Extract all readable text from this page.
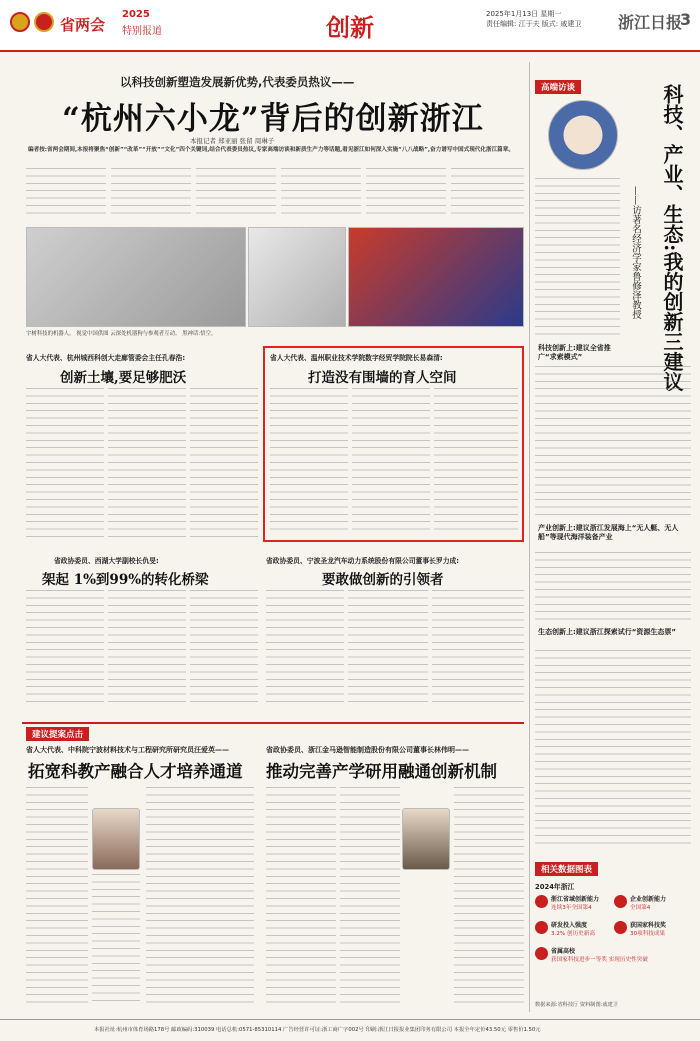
省两会
2025
特别报道	创新	2025年1月13日 星期一
责任编辑: 江于夫 版式: 戚建卫	浙江日报
3
以科技创新塑造发展新优势,代表委员热议——
“杭州六小龙”背后的创新浙江
本报记者 郑亚丽 张留 周琳子
编者按:省两会期间,本报将聚焦“创新”“改革”“开放”“文化”四个关键词,结合代表委员热议,专家高端访谈和新质生产力等话题,看见浙江如何深入实施“八八战略”,奋力谱写中国式现代化浙江篇章。
宇树科技的机器人。 视觉中国供图 云深处机器狗与参观者互动。 黑神话:悟空。
省人大代表、杭州城西科创大走廊管委会主任孔春浩:
创新土壤,要足够肥沃
省人大代表、温州职业技术学院数字经贸学院院长易森清:
打造没有围墙的育人空间
省政协委员、西湖大学副校长仇旻:
架起 1%到99%的转化桥梁
省政协委员、宁波圣龙汽车动力系统股份有限公司董事长罗力成:
要敢做创新的引领者
建议提案点击
省人大代表、中科院宁波材料技术与工程研究所研究员汪爱英——
拓宽科教产融合人才培养通道
省政协委员、浙江金马逊智能制造股份有限公司董事长林伟明——
推动完善产学研用融通创新机制
高端访谈	科技、产业、生态:我的创新三建议
——访著名经济学家鲁修泽教授
科技创新上:建议全省推广“求索模式”
产业创新上:建议浙江发展海上“无人艇、无人船”等现代海洋装备产业
生态创新上:建议浙江探索试行“资源生态票”
相关数据图表
2024年浙江
浙江省域创新能力
连续3年全国第4
企业创新能力
全国第4
研发投入强度
3.2% 创历史新高
获国家科技奖
30项科技成果
省属高校
获国家科技进步一等奖 实现历史性突破
数据来源:省科技厅 资料制图:戚建卫
本报社址:杭州市体育场路178号 邮政编码:310039 电话总机:0571-85310114 广告经营许可证:浙工商广字002号 印刷:浙江日报报业集团印务有限公司 本报全年定价43.50元 零售价1.50元
